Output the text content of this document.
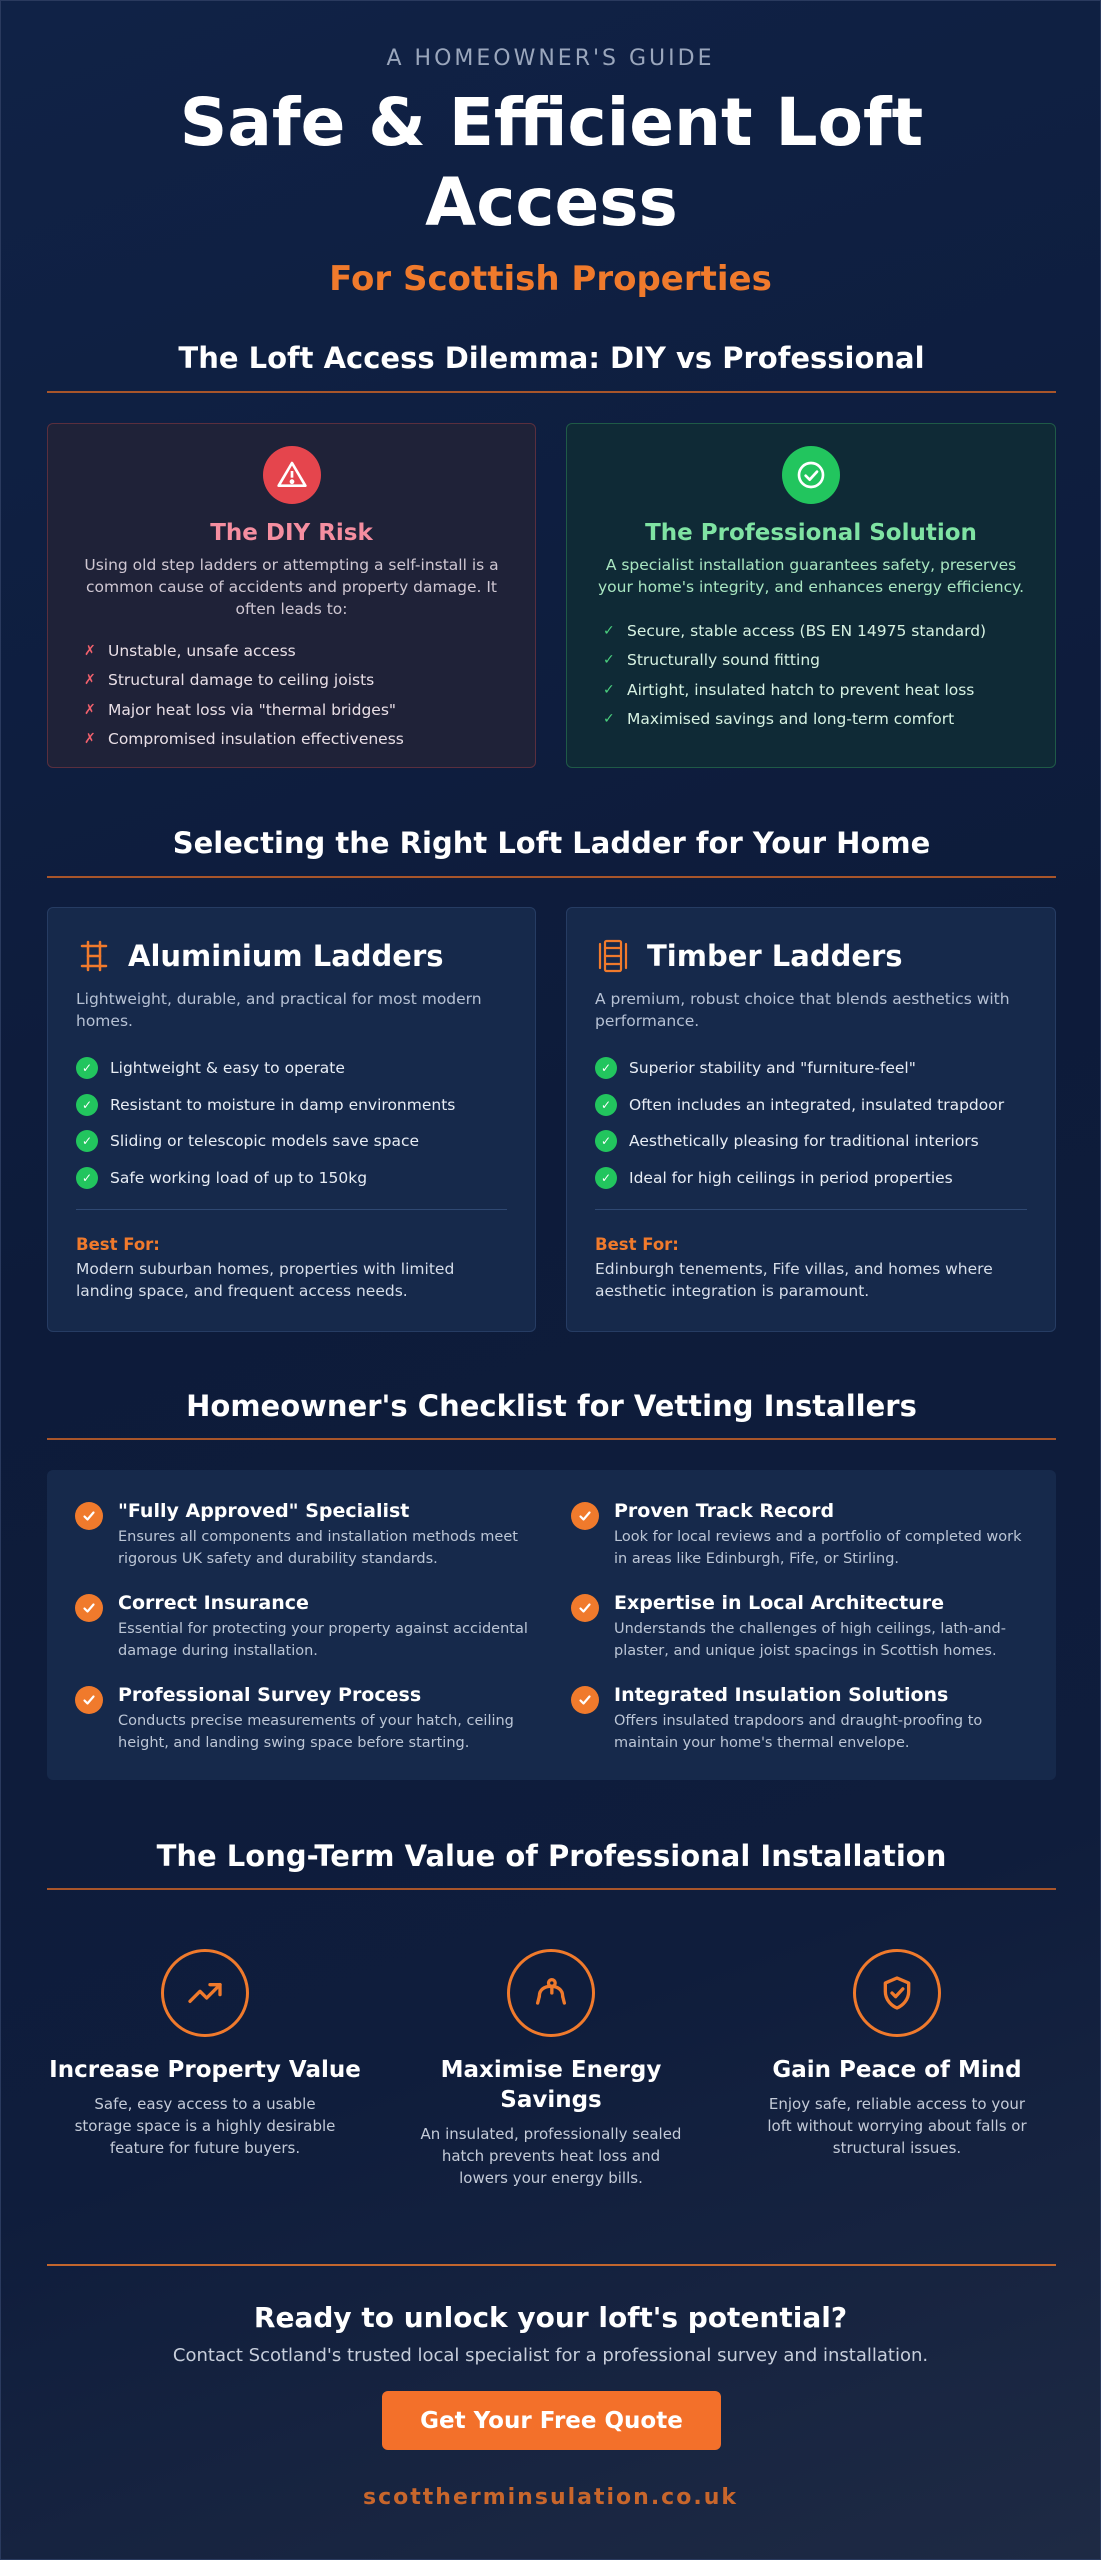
A HOMEOWNER'S GUIDE
Safe & Efficient Loft Access
For Scottish Properties
The Loft Access Dilemma: DIY vs Professional
The DIY Risk

Using old step ladders or attempting a self-install is a common cause of accidents and property damage. It often leads to:

✗ Unstable, unsafe access
✗ Structural damage to ceiling joists
✗ Major heat loss via "thermal bridges"
✗ Compromised insulation effectiveness
The Professional Solution

A specialist installation guarantees safety, preserves your home's integrity, and enhances energy efficiency.

✓ Secure, stable access (BS EN 14975 standard)
✓ Structurally sound fitting
✓ Airtight, insulated hatch to prevent heat loss
✓ Maximised savings and long-term comfort
Selecting the Right Loft Ladder for Your Home
Aluminium Ladders

Lightweight, durable, and practical for most modern homes.

✓	Lightweight & easy to operate
✓	Resistant to moisture in damp environments
✓	Sliding or telescopic models save space
✓	Safe working load of up to 150kg
Best For:

Modern suburban homes, properties with limited landing space, and frequent access needs.

Timber Ladders

A premium, robust choice that blends aesthetics with performance.

✓	Superior stability and "furniture-feel"
✓	Often includes an integrated, insulated trapdoor
✓	Aesthetically pleasing for traditional interiors
✓	Ideal for high ceilings in period properties
Best For:

Edinburgh tenements, Fife villas, and homes where aesthetic integration is paramount.

Homeowner's Checklist for Vetting Installers
"Fully Approved" Specialist
Ensures all components and installation methods meet rigorous UK safety and durability standards.
Proven Track Record
Look for local reviews and a portfolio of completed work in areas like Edinburgh, Fife, or Stirling.
Correct Insurance
Essential for protecting your property against accidental damage during installation.
Expertise in Local Architecture
Understands the challenges of high ceilings, lath-and-plaster, and unique joist spacings in Scottish homes.
Professional Survey Process
Conducts precise measurements of your hatch, ceiling height, and landing swing space before starting.
Integrated Insulation Solutions
Offers insulated trapdoors and draught-proofing to maintain your home's thermal envelope.
The Long-Term Value of Professional Installation
Increase Property Value

Safe, easy access to a usable storage space is a highly desirable feature for future buyers.

Maximise Energy Savings

An insulated, professionally sealed hatch prevents heat loss and lowers your energy bills.

Gain Peace of Mind

Enjoy safe, reliable access to your loft without worrying about falls or structural issues.

Ready to unlock your loft's potential?

Contact Scotland's trusted local specialist for a professional survey and installation.

Get Your Free Quote
scottherminsulation.co.uk
